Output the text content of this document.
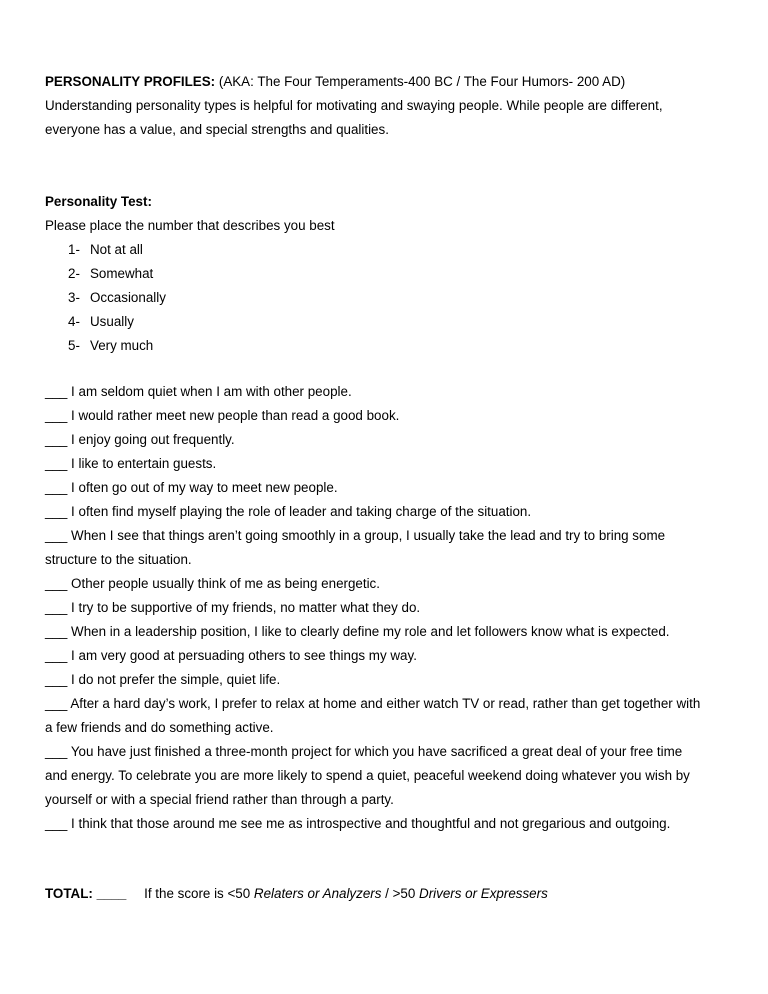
PERSONALITY PROFILES: (AKA: The Four Temperaments-400 BC / The Four Humors- 200 AD)
Understanding personality types is helpful for motivating and swaying people. While people are different,
everyone has a value, and special strengths and qualities.
Personality Test:
Please place the number that describes you best
1- Not at all
2- Somewhat
3- Occasionally
4- Usually
5- Very much
___ I am seldom quiet when I am with other people.
___ I would rather meet new people than read a good book.
___ I enjoy going out frequently.
___ I like to entertain guests.
___ I often go out of my way to meet new people.
___ I often find myself playing the role of leader and taking charge of the situation.
___ When I see that things aren’t going smoothly in a group, I usually take the lead and try to bring some
structure to the situation.
___ Other people usually think of me as being energetic.
___ I try to be supportive of my friends, no matter what they do.
___ When in a leadership position, I like to clearly define my role and let followers know what is expected.
___ I am very good at persuading others to see things my way.
___ I do not prefer the simple, quiet life.
___ After a hard day’s work, I prefer to relax at home and either watch TV or read, rather than get together with
a few friends and do something active.
___ You have just finished a three-month project for which you have sacrificed a great deal of your free time
and energy. To celebrate you are more likely to spend a quiet, peaceful weekend doing whatever you wish by
yourself or with a special friend rather than through a party.
___ I think that those around me see me as introspective and thoughtful and not gregarious and outgoing.
TOTAL: ____ If the score is <50 Relaters or Analyzers / >50 Drivers or Expressers
